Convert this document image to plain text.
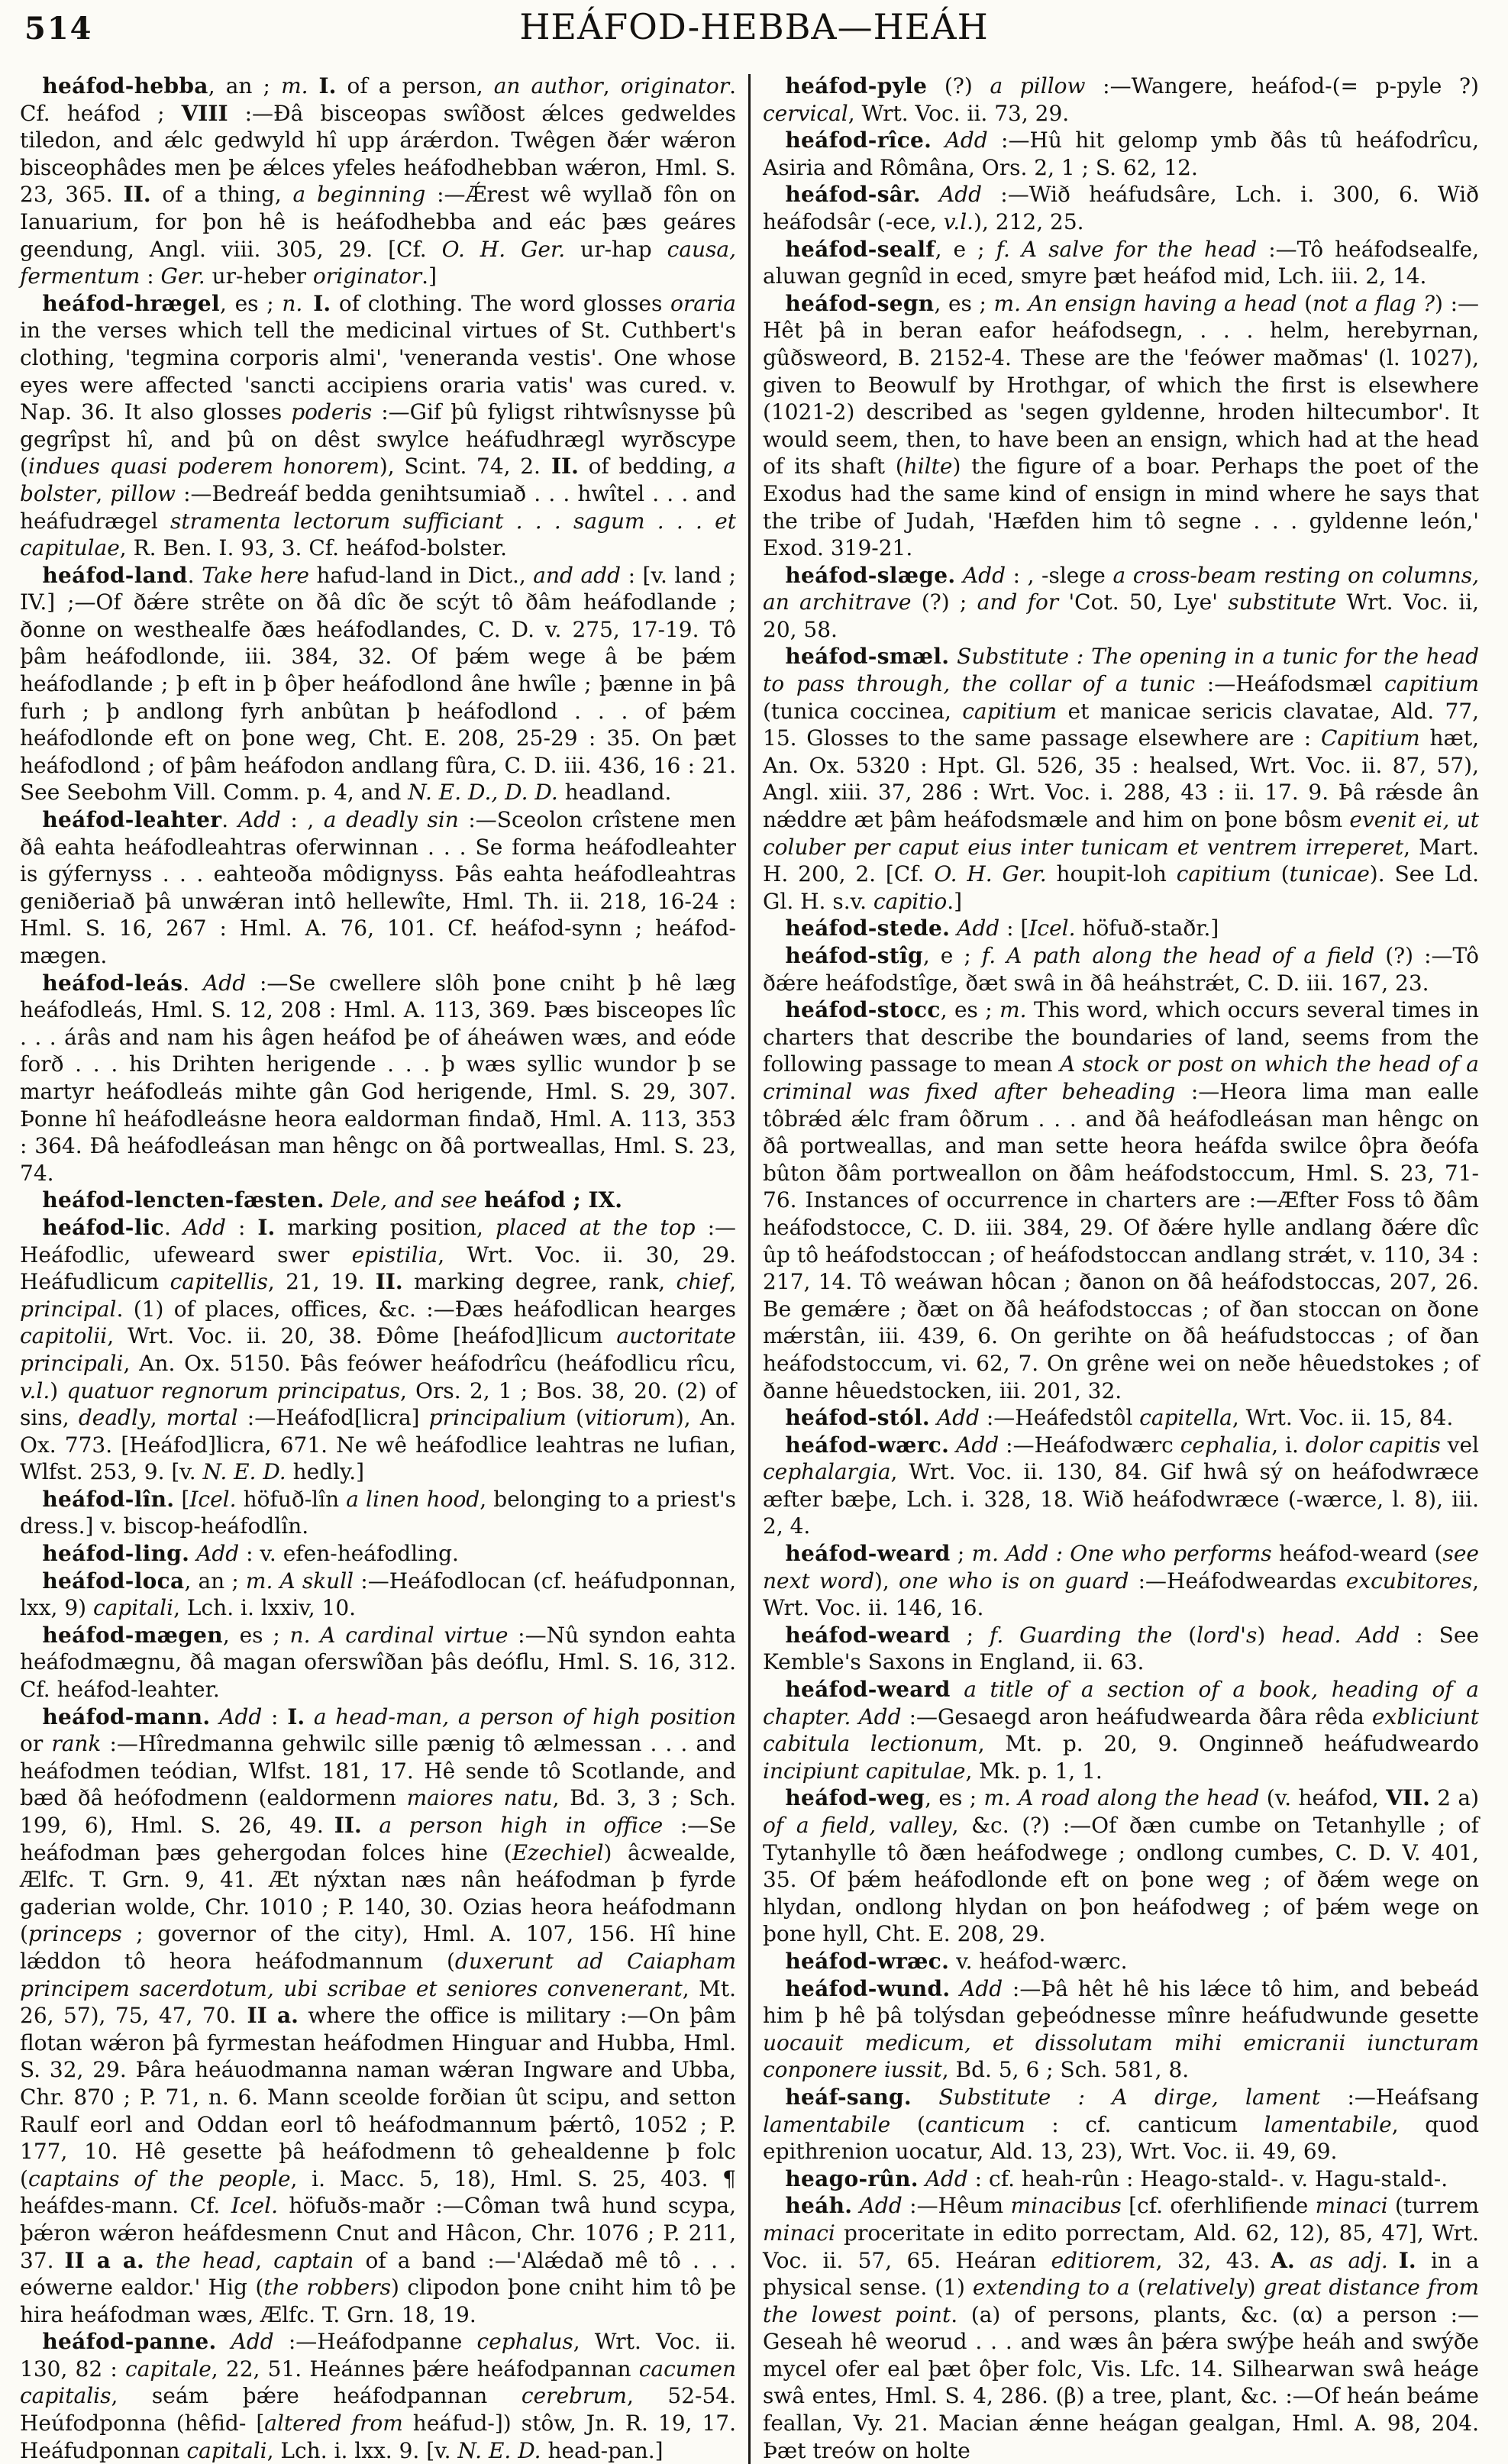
514	HEÁFOD-HEBBA—HEÁH

heáfod-hebba, an ; m.  I. of a person, an author, originator. Cf. heáfod ; VIII :—Ðâ bisceopas swîðost ǽlces gedweldes tiledon, and ǽlc gedwyld hî upp árǽrdon. Twêgen ðǽr wǽron bisceophâdes men þe ǽlces yfeles heáfodhebban wǽron, Hml. S. 23, 365. II. of a thing, a beginning :—Ǽrest wê wyllað fôn on Ianuarium, for þon hê is heáfodhebba and eác þæs geáres geendung, Angl. viii. 305, 29. [Cf. O. H. Ger. ur-hap causa, fermentum : Ger. ur-heber originator.]

heáfod-hrægel, es ; n.  I. of clothing. The word glosses oraria in the verses which tell the medicinal virtues of St. Cuthbert's clothing, 'tegmina corporis almi', 'veneranda vestis'. One whose eyes were affected 'sancti accipiens oraria vatis' was cured. v. Nap. 36. It also glosses poderis :—Gif þû fyligst rihtwîsnysse þû gegrîpst hî, and þû on dêst swylce heáfudhrægl wyrðscype (indues quasi poderem honorem), Scint. 74, 2. II. of bedding, a bolster, pillow :—Bedreáf bedda genihtsumiað . . . hwîtel . . . and heáfudrægel stramenta lectorum sufficiant . . . sagum . . . et capitulae, R. Ben. I. 93, 3. Cf. heáfod-bolster.

heáfod-land. Take here hafud-land in Dict., and add : [v. land ; IV.] ;—Of ðǽre strête on ðâ dîc ðe scýt tô ðâm heáfodlande ; ðonne on westhealfe ðæs heáfodlandes, C. D. v. 275, 17-19. Tô þâm heáfodlonde, iii. 384, 32. Of þǽm wege â be þǽm heáfodlande ; þ eft in þ ôþer heáfodlond âne hwîle ; þænne in þâ furh ; þ andlong fyrh anbûtan þ heáfodlond . . . of þǽm heáfodlonde eft on þone weg, Cht. E. 208, 25-29 : 35. On þæt heáfodlond ; of þâm heáfodon andlang fûra, C. D. iii. 436, 16 : 21. See Seebohm Vill. Comm. p. 4, and N. E. D., D. D. headland.

heáfod-leahter. Add : , a deadly sin :—Sceolon crîstene men ðâ eahta heáfodleahtras oferwinnan . . . Se forma heáfodleahter is gýfernyss . . . eahteoða môdignyss. Þâs eahta heáfodleahtras geniðeriað þâ unwǽran intô hellewîte, Hml. Th. ii. 218, 16-24 : Hml. S. 16, 267 : Hml. A. 76, 101. Cf. heáfod-synn ; heáfod-mægen.

heáfod-leás. Add :—Se cwellere slôh þone cniht þ hê læg heáfodleás, Hml. S. 12, 208 : Hml. A. 113, 369. Þæs bisceopes lîc . . . árâs and nam his âgen heáfod þe of áheáwen wæs, and eóde forð . . . his Drihten herigende . . . þ wæs syllic wundor þ se martyr heáfodleás mihte gân God herigende, Hml. S. 29, 307. Þonne hî heáfodleásne heora ealdorman findað, Hml. A. 113, 353 : 364. Ðâ heáfodleásan man hêngc on ðâ portweallas, Hml. S. 23, 74.

heáfod-lencten-fæsten. Dele, and see heáfod ; IX.

heáfod-lic. Add : I. marking position, placed at the top :—Heáfodlic, ufeweard swer epistilia, Wrt. Voc. ii. 30, 29. Heáfudlicum capitellis, 21, 19. II. marking degree, rank, chief, principal. (1) of places, offices, &c. :—Ðæs heáfodlican hearges capitolii, Wrt. Voc. ii. 20, 38. Ðôme [heáfod]licum auctoritate principali, An. Ox. 5150. Þâs feówer heáfodrîcu (heáfodlicu rîcu, v.l.) quatuor regnorum principatus, Ors. 2, 1 ; Bos. 38, 20. (2) of sins, deadly, mortal :—Heáfod[licra] principalium (vitiorum), An. Ox. 773. [Heáfod]licra, 671. Ne wê heáfodlice leahtras ne lufian, Wlfst. 253, 9. [v. N. E. D. hedly.]

heáfod-lîn. [Icel. höfuð-lîn a linen hood, belonging to a priest's dress.] v. biscop-heáfodlîn.

heáfod-ling. Add : v. efen-heáfodling.

heáfod-loca, an ; m. A skull :—Heáfodlocan (cf. heáfudponnan, lxx, 9) capitali, Lch. i. lxxiv, 10.

heáfod-mægen, es ; n. A cardinal virtue :—Nû syndon eahta heáfodmægnu, ðâ magan oferswîðan þâs deóflu, Hml. S. 16, 312. Cf. heáfod-leahter.

heáfod-mann. Add : I. a head-man, a person of high position or rank :—Hîredmanna gehwilc sille pænig tô ælmessan . . . and heáfodmen teódian, Wlfst. 181, 17. Hê sende tô Scotlande, and bæd ðâ heófodmenn (ealdormenn maiores natu, Bd. 3, 3 ; Sch. 199, 6), Hml. S. 26, 49. II. a person high in office :—Se heáfodman þæs gehergodan folces hine (Ezechiel) âcwealde, Ælfc. T. Grn. 9, 41. Æt nýxtan næs nân heáfodman þ fyrde gaderian wolde, Chr. 1010 ; P. 140, 30. Ozias heora heáfodmann (princeps ; governor of the city), Hml. A. 107, 156. Hî hine lǽddon tô heora heáfodmannum (duxerunt ad Caiapham principem sacerdotum, ubi scribae et seniores convenerant, Mt. 26, 57), 75, 47, 70. II a. where the office is military :—On þâm flotan wǽron þâ fyrmestan heáfodmen Hinguar and Hubba, Hml. S. 32, 29. Þâra heáuodmanna naman wǽran Ingware and Ubba, Chr. 870 ; P. 71, n. 6. Mann sceolde forðian ût scipu, and setton Raulf eorl and Oddan eorl tô heáfodmannum þǽrtô, 1052 ; P. 177, 10. Hê gesette þâ heáfodmenn tô gehealdenne þ folc (captains of the people, i. Macc. 5, 18), Hml. S. 25, 403. ¶ heáfdes-mann. Cf. Icel. höfuðs-maðr :—Côman twâ hund scypa, þǽron wǽron heáfdesmenn Cnut and Hâcon, Chr. 1076 ; P. 211, 37. II a a. the head, captain of a band :—'Alǽdað mê tô . . . eówerne ealdor.' Hig (the robbers) clipodon þone cniht him tô þe hira heáfodman wæs, Ælfc. T. Grn. 18, 19.

heáfod-panne. Add :—Heáfodpanne cephalus, Wrt. Voc. ii. 130, 82 : capitale, 22, 51. Heánnes þǽre heáfodpannan cacumen capitalis, seám þǽre heáfodpannan cerebrum, 52-54. Heúfodponna (hêfid- [altered from heáfud-]) stôw, Jn. R. 19, 17. Heáfudponnan capitali, Lch. i. lxx. 9. [v. N. E. D. head-pan.]

heáfod-pyle (?) a pillow :—Wangere, heáfod-(= p-pyle ?) cervical, Wrt. Voc. ii. 73, 29.

heáfod-rîce. Add :—Hû hit gelomp ymb ðâs tû heáfodrîcu, Asiria and Rômâna, Ors. 2, 1 ; S. 62, 12.

heáfod-sâr. Add :—Wið heáfudsâre, Lch. i. 300, 6. Wið heáfodsâr (-ece, v.l.), 212, 25.

heáfod-sealf, e ; f. A salve for the head :—Tô heáfodsealfe, aluwan gegnîd in eced, smyre þæt heáfod mid, Lch. iii. 2, 14.

heáfod-segn, es ; m. An ensign having a head (not a flag ?) :—Hêt þâ in beran eafor heáfodsegn, . . . helm, herebyrnan, gûðsweord, B. 2152-4. These are the 'feówer maðmas' (l. 1027), given to Beowulf by Hrothgar, of which the first is elsewhere (1021-2) described as 'segen gyldenne, hroden hiltecumbor'. It would seem, then, to have been an ensign, which had at the head of its shaft (hilte) the figure of a boar. Perhaps the poet of the Exodus had the same kind of ensign in mind where he says that the tribe of Judah, 'Hæfden him tô segne . . . gyldenne león,' Exod. 319-21.

heáfod-slæge. Add : , -slege a cross-beam resting on columns, an architrave (?) ; and for 'Cot. 50, Lye' substitute Wrt. Voc. ii, 20, 58.

heáfod-smæl. Substitute : The opening in a tunic for the head to pass through, the collar of a tunic :—Heáfodsmæl capitium (tunica coccinea, capitium et manicae sericis clavatae, Ald. 77, 15. Glosses to the same passage elsewhere are : Capitium hæt, An. Ox. 5320 : Hpt. Gl. 526, 35 : healsed, Wrt. Voc. ii. 87, 57), Angl. xiii. 37, 286 : Wrt. Voc. i. 288, 43 : ii. 17. 9. Þâ rǽsde ân nǽddre æt þâm heáfodsmæle and him on þone bôsm evenit ei, ut coluber per caput eius inter tunicam et ventrem irreperet, Mart. H. 200, 2. [Cf. O. H. Ger. houpit-loh capitium (tunicae). See Ld. Gl. H. s.v. capitio.]

heáfod-stede. Add : [Icel. höfuð-staðr.]

heáfod-stîg, e ; f. A path along the head of a field (?) :—Tô ðǽre heáfodstîge, ðæt swâ in ðâ heáhstrǽt, C. D. iii. 167, 23.

heáfod-stocc, es ; m. This word, which occurs several times in charters that describe the boundaries of land, seems from the following passage to mean A stock or post on which the head of a criminal was fixed after beheading :—Heora lima man ealle tôbrǽd ǽlc fram ôðrum . . . and ðâ heáfodleásan man hêngc on ðâ portweallas, and man sette heora heáfda swilce ôþra ðeófa bûton ðâm portweallon on ðâm heáfodstoccum, Hml. S. 23, 71-76. Instances of occurrence in charters are :—Æfter Foss tô ðâm heáfodstocce, C. D. iii. 384, 29. Of ðǽre hylle andlang ðǽre dîc ûp tô heáfodstoccan ; of heáfodstoccan andlang strǽt, v. 110, 34 : 217, 14. Tô weáwan hôcan ; ðanon on ðâ heáfodstoccas, 207, 26. Be gemǽre ; ðæt on ðâ heáfodstoccas ; of ðan stoccan on ðone mǽrstân, iii. 439, 6. On gerihte on ðâ heáfudstoccas ; of ðan heáfodstoccum, vi. 62, 7. On grêne wei on neðe hêuedstokes ; of ðanne hêuedstocken, iii. 201, 32.

heáfod-stól. Add :—Heáfedstôl capitella, Wrt. Voc. ii. 15, 84.

heáfod-wærc. Add :—Heáfodwærc cephalia, i. dolor capitis vel cephalargia, Wrt. Voc. ii. 130, 84. Gif hwâ sý on heáfodwræce æfter bæþe, Lch. i. 328, 18. Wið heáfodwræce (-wærce, l. 8), iii. 2, 4.

heáfod-weard ; m. Add : One who performs heáfod-weard (see next word), one who is on guard :—Heáfodweardas excubitores, Wrt. Voc. ii. 146, 16.

heáfod-weard ; f. Guarding the (lord's) head. Add : See Kemble's Saxons in England, ii. 63.

heáfod-weard a title of a section of a book, heading of a chapter. Add :—Gesaegd aron heáfudwearda ðâra rêda exbliciunt cabitula lectionum, Mt. p. 20, 9. Onginneð heáfudweardo incipiunt capitulae, Mk. p. 1, 1.

heáfod-weg, es ; m. A road along the head (v. heáfod, VII. 2 a) of a field, valley, &c. (?) :—Of ðæn cumbe on Tetanhylle ; of Tytanhylle tô ðæn heáfodwege ; ondlong cumbes, C. D. V. 401, 35. Of þǽm heáfodlonde eft on þone weg ; of ðǽm wege on hlydan, ondlong hlydan on þon heáfodweg ; of þǽm wege on þone hyll, Cht. E. 208, 29.

heáfod-wræc. v. heáfod-wærc.

heáfod-wund. Add :—Þâ hêt hê his lǽce tô him, and bebeád him þ hê þâ tolýsdan geþeódnesse mînre heáfudwunde gesette uocauit medicum, et dissolutam mihi emicranii iuncturam conponere iussit, Bd. 5, 6 ; Sch. 581, 8.

heáf-sang. Substitute : A dirge, lament :—Heáfsang lamentabile (canticum : cf. canticum lamentabile, quod epithrenion uocatur, Ald. 13, 23), Wrt. Voc. ii. 49, 69.

heago-rûn. Add : cf. heah-rûn : Heago-stald-. v. Hagu-stald-.

heáh. Add :—Hêum minacibus [cf. oferhlifiende minaci (turrem minaci proceritate in edito porrectam, Ald. 62, 12), 85, 47], Wrt. Voc. ii. 57, 65. Heáran editiorem, 32, 43. A. as adj.  I. in a physical sense. (1) extending to a (relatively) great distance from the lowest point. (a) of persons, plants, &c. (α) a person :—Geseah hê weorud . . . and wæs ân þǽra swýþe heáh and swýðe mycel ofer eal þæt ôþer folc, Vis. Lfc. 14. Silhearwan swâ heáge swâ entes, Hml. S. 4, 286. (β) a tree, plant, &c. :—Of heán beáme feallan, Vy. 21. Macian ǽnne heágan gealgan, Hml. A. 98, 204. Þæt treów on holte
